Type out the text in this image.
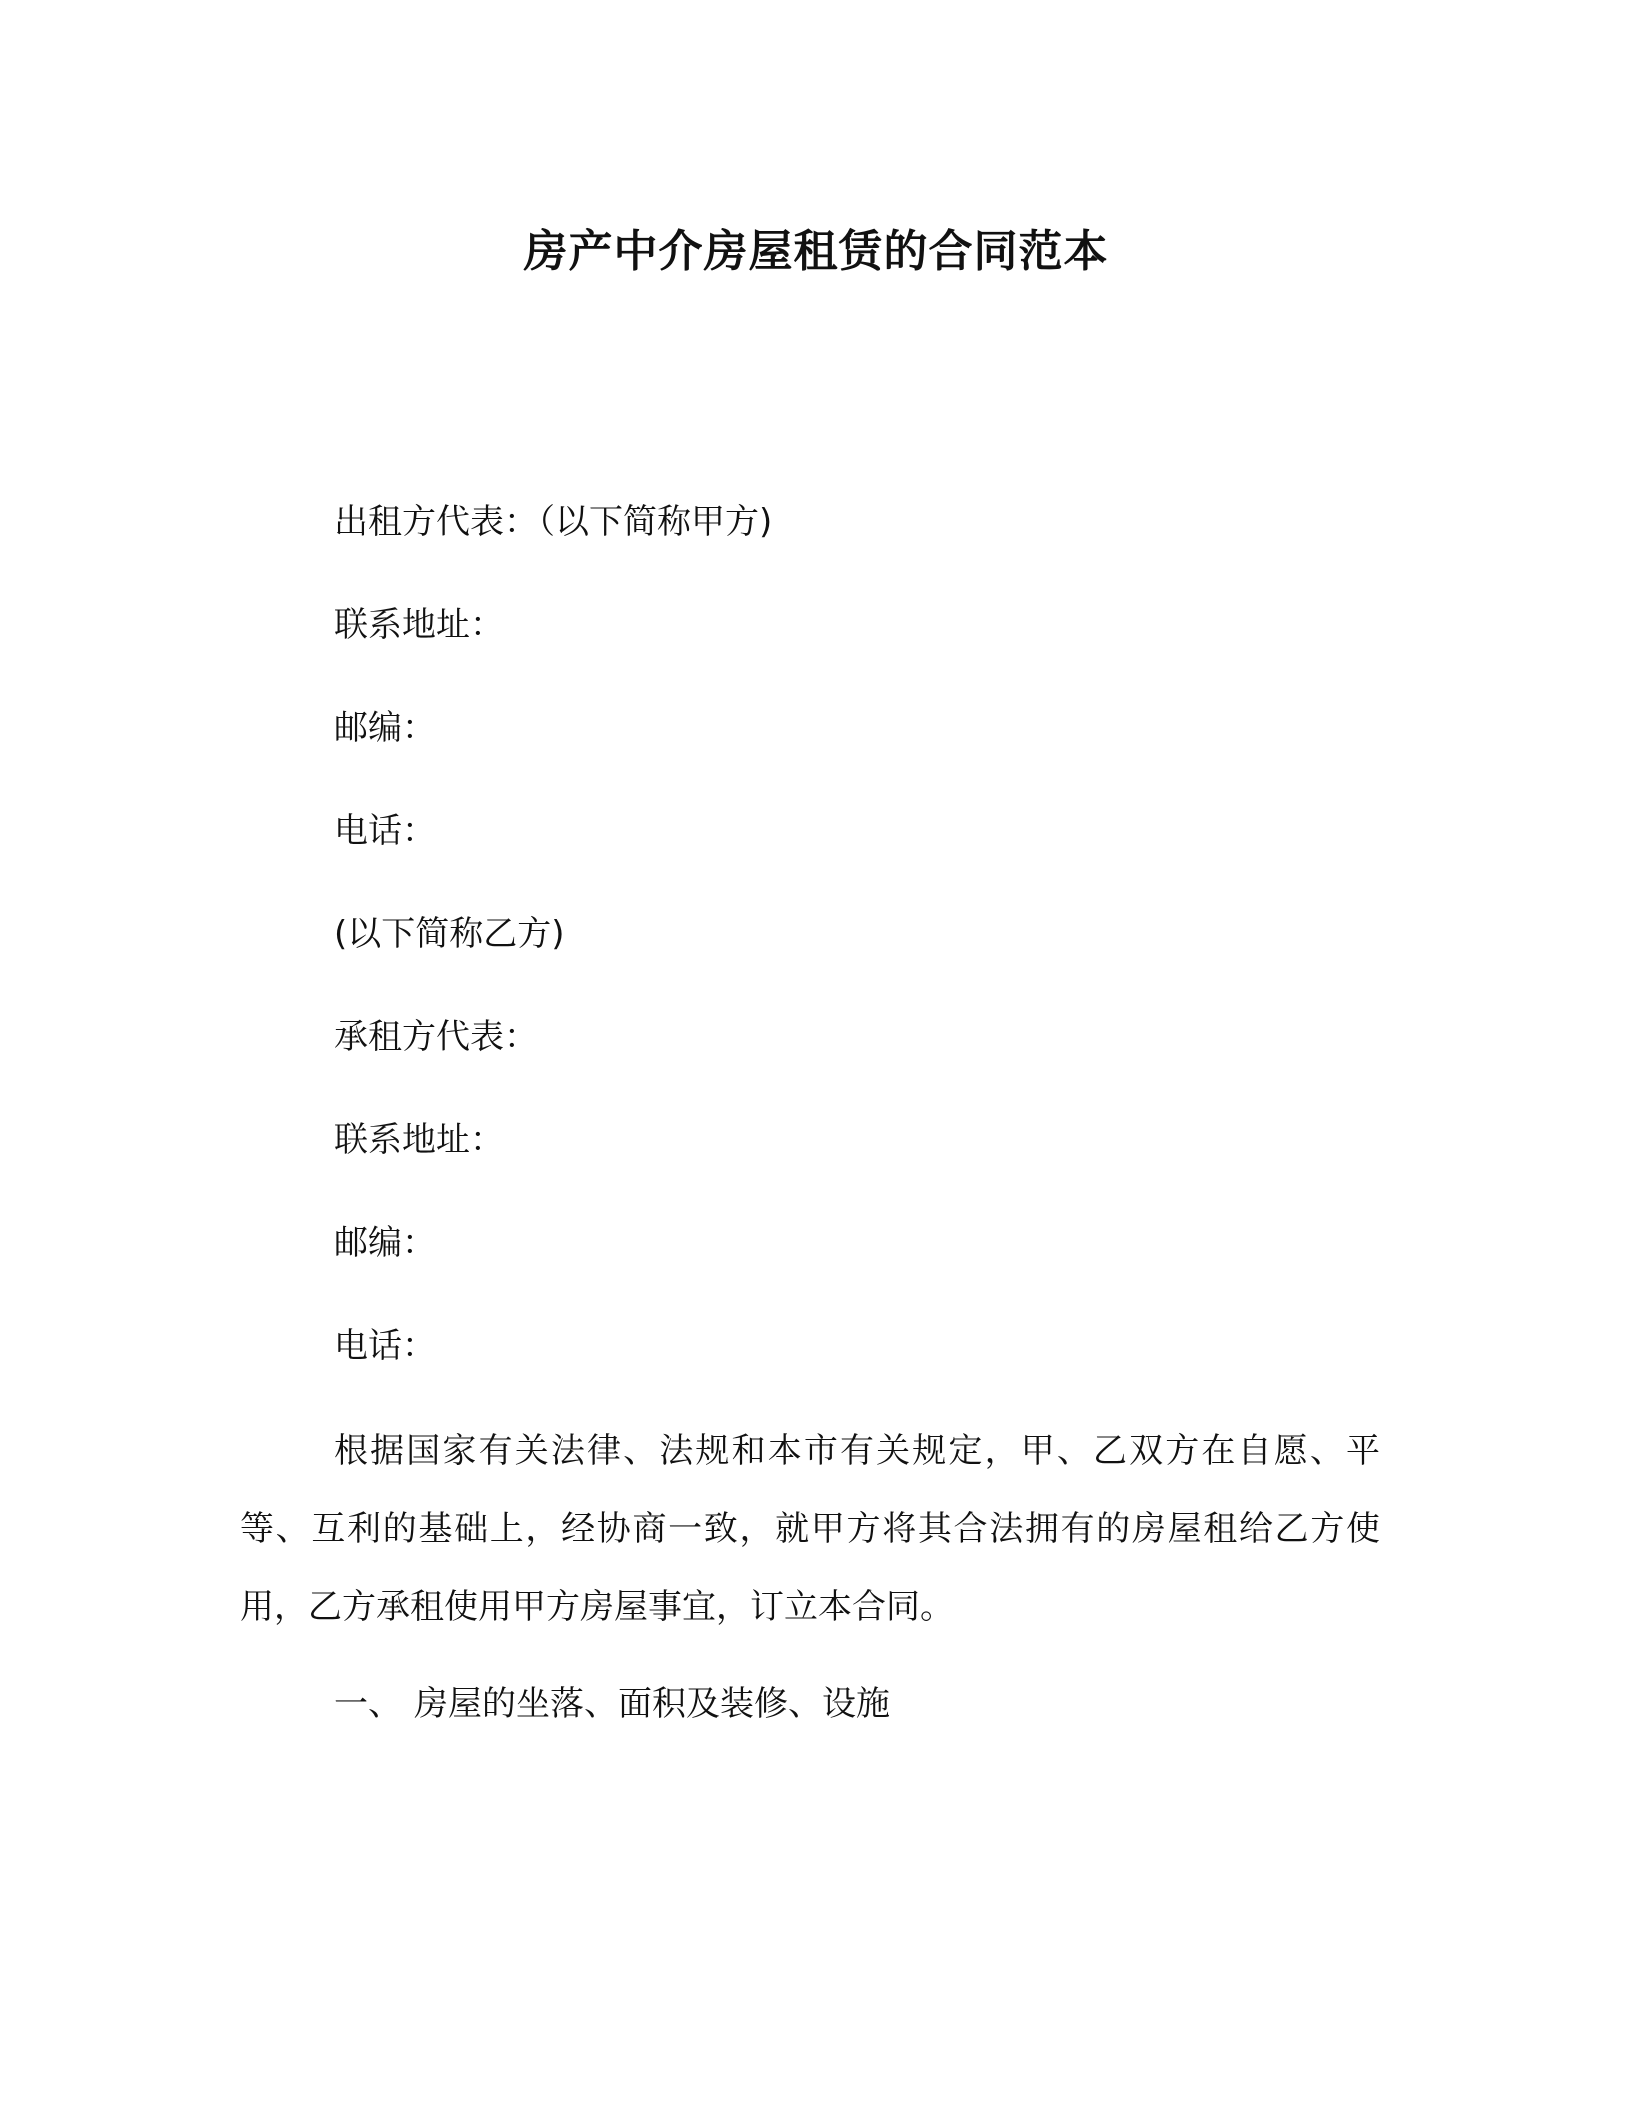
房产中介房屋租赁的合同范本
出租方代表：（以下简称甲方)
联系地址：
邮编：
电话：
(以下简称乙方)
承租方代表：
联系地址：
邮编：
电话：
根据国家有关法律、法规和本市有关规定，甲、乙双方在自愿、平等、互利的基础上，经协商一致，就甲方将其合法拥有的房屋租给乙方使用，乙方承租使用甲方房屋事宜，订立本合同。
一、 房屋的坐落、面积及装修、设施
